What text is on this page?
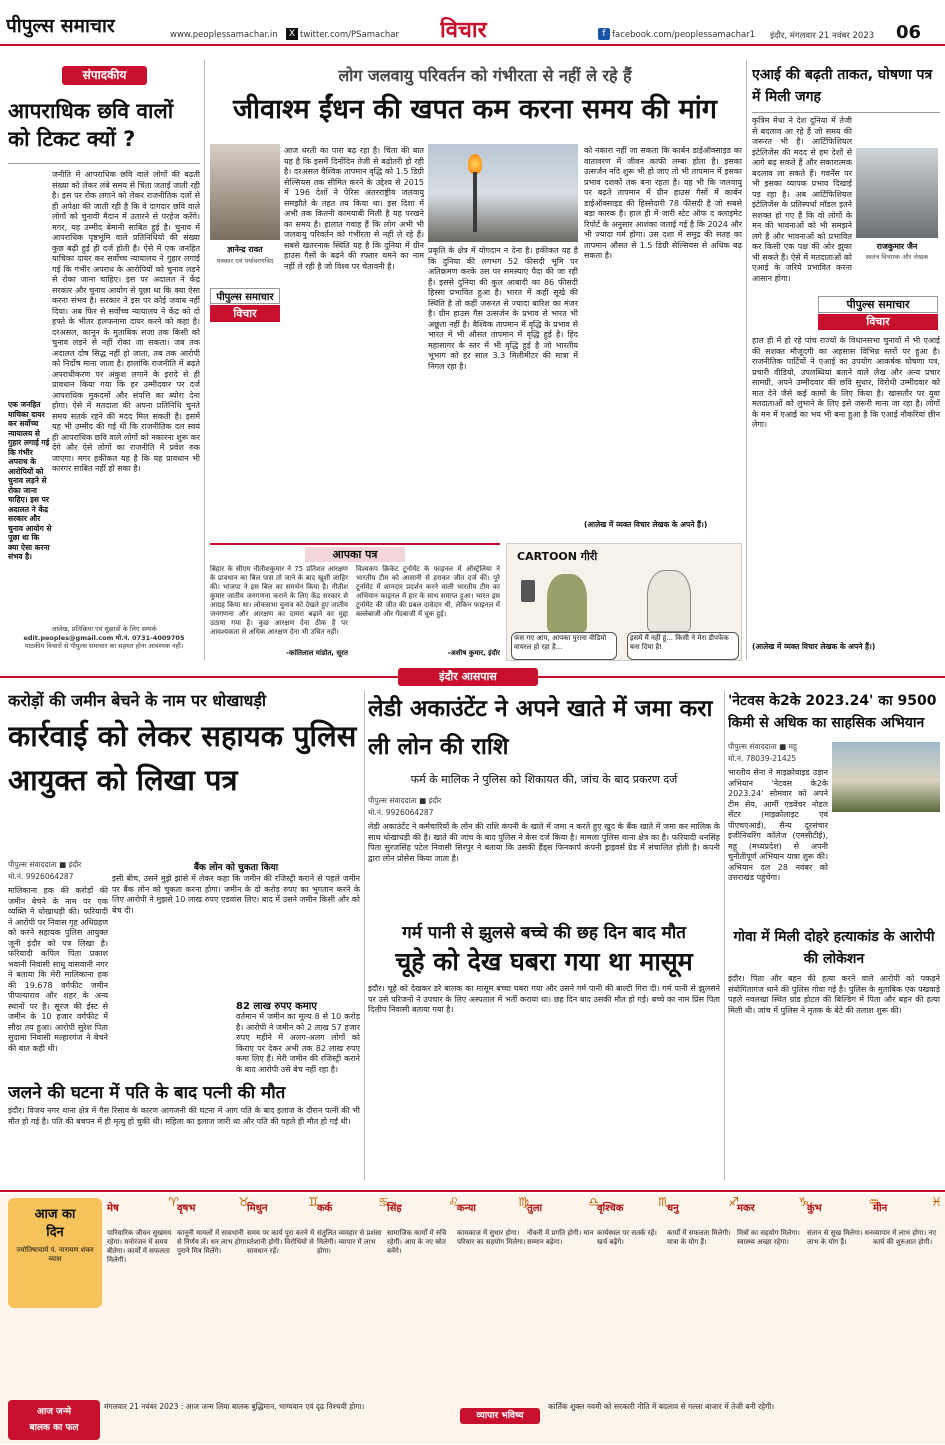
पीपुल्स समाचार	www.peoplessamachar.in	X twitter.com/PSamachar	विचार	f facebook.com/peoplessamachar1	इंदौर, मंगलवार 21 नवंबर 2023	06
संपादकीय
आपराधिक छवि वालों को टिकट क्यों ?
जनीति में आपराधिक छवि वाले लोगों की बढ़ती संख्या को लेकर लंबे समय से चिंता जताई जाती रही है। इस पर रोक लगाने को लेकर राजनीतिक दलों से ही अपेक्षा की जाती रही है कि वे दागदार छवि वाले लोगों को चुनावी मैदान में उतारने से परहेज करेंगे। मगर, यह उम्मीद बेमानी साबित हुई है। चुनाव में आपराधिक पृष्ठभूमि वाले प्रतिनिधियों की संख्या कुछ बढ़ी हुई ही दर्ज होती है। ऐसे में एक जनहित याचिका दायर कर सर्वोच्च न्यायालय ने गुहार लगाई गई कि गंभीर अपराध के आरोपियों को चुनाव लड़ने से रोका जाना चाहिए। इस पर अदालत ने केंद्र सरकार और चुनाव आयोग से पूछा था कि क्या ऐसा करना संभव है। सरकार ने इस पर कोई जवाब नहीं दिया। अब फिर से सर्वोच्च न्यायालय ने केंद्र को दो हफ्ते के भीतर हलफनामा दायर करने को कहा है। दरअसल, कानून के मुताबिक सजा तक किसी को चुनाव लड़ने से नहीं रोका जा सकता। जब तक अदालत दोष सिद्ध नहीं हो जाता, तब तक आरोपी को निर्दोष माना जाता है। हालांकि राजनीति में बढ़ते अपराधीकरण पर अंकुश लगाने के इरादे से ही प्रावधान किया गया कि हर उम्मीदवार पर दर्ज आपराधिक मुकदमों और संपत्ति का ब्योरा देना होगा। ऐसे में मतदाता की अपना प्रतिनिधि चुनते समय सतर्क रहने की मदद मिल सकती है। इसमें यह भी उम्मीद की गई थी कि राजनीतिक दल स्वयं ही आपराधिक छवि वाले लोगों को नकारना शुरू कर देंगे और ऐसे लोगों का राजनीति में प्रवेश रुक जाएगा। मगर हकीकत यह है कि यह प्रावधान भी कारगर साबित नहीं हो सका है।
एक जनहित याचिका दायर कर सर्वोच्च न्यायालय से गुहार लगाई गई कि गंभीर अपराध के आरोपियों को चुनाव लड़ने से रोका जाना चाहिए। इस पर अदालत ने केंद्र सरकार और चुनाव आयोग से पूछा था कि क्या ऐसा करना संभव है।
आलेख, प्रतिक्रिया एवं सुझावों के लिए सम्पर्क
edit.peoples@gmail.com मो.नं. 0731-4009705
पाठकीय विचारों से पीपुल्स समाचार का सहमत होना आवश्यक नहीं।
लोग जलवायु परिवर्तन को गंभीरता से नहीं ले रहे हैं
जीवाश्म ईंधन की खपत कम करना समय की मांग
ज्ञानेन्द्र रावत
पत्रकार एवं पर्यावरणविद
पीपुल्स समाचार
विचार
आज धरती का पारा बढ़ रहा है। चिंता की बात यह है कि इसमें दिनोंदिन तेजी से बढ़ोतरी हो रही है। दरअसल वैश्विक तापमान वृद्धि को 1.5 डिग्री सेल्सियस तक सीमित करने के उद्देश्य से 2015 में 196 देशों ने पेरिस अंतरराष्ट्रीय जलवायु समझौते के तहत तय किया था। इस दिशा में अभी तक कितनी कामयाबी मिली है यह परखने का समय है। हालात गवाह हैं कि लोग अभी भी जलवायु परिवर्तन को गंभीरता से नहीं ले रहे हैं। सबसे खतरनाक स्थिति यह है कि दुनिया में ग्रीन हाउस गैसों के बढ़ने की रफ्तार थमने का नाम नहीं ले रही है जो विश्व पर चेतावनी है।
प्रकृति के क्षेत्र में योगदान न देना है। हकीकत यह है कि दुनिया की लगभग 52 फीसदी भूमि पर अतिक्रमण करके उस पर समस्याएं पैदा की जा रही हैं। इससे दुनिया की कुल आबादी का 86 फीसदी हिस्सा प्रभावित हुआ है। भारत में कहीं सूखे की स्थिति है तो कहीं जरूरत से ज्यादा बारिश का मंजर है। ग्रीन हाउस गैस उत्सर्जन के प्रभाव से भारत भी अछूता नहीं है। वैश्विक तापमान में वृद्धि के प्रभाव से भारत में भी औसत तापमान में वृद्धि हुई है। हिंद महासागर के स्तर में भी वृद्धि हुई है जो भारतीय भूभाग को हर साल 3.3 मिलीमीटर की मात्रा में निगल रहा है।
को नकारा नहीं जा सकता कि कार्बन डाईऑक्साइड का वातावरण में जीवन काफी लम्बा होता है। इसका उत्सर्जन नदि शुरू भी हो जाए तो भी तापमान में इसका प्रभाव दशकों तक बना रहता है। यह भी कि जलवायु पर बढ़ते तापमान में ग्रीन हाउस गैसों में कार्बन डाईऑक्साइड की हिस्सेदारी 78 फीसदी है जो सबसे बड़ा कारक है। हाल ही में जारी स्टेट ऑफ द क्लाइमेट रिपोर्ट के अनुसार आशंका जताई गई है कि 2024 और भी ज्यादा गर्म होगा। उस दशा में समुद्र की सतह का तापमान औसत से 1.5 डिग्री सेल्सियस से अधिक बढ़ सकता है।
(आलेख में व्यक्त विचार लेखक के अपने हैं।)
एआई की बढ़ती ताकत, घोषणा पत्र में मिली जगह
कृत्रिम मेधा ने देश दुनिया में तेजी से बदलाव आ रहे हैं जो समय की जरूरत भी है। आर्टिफिशियल इंटेलिजेंस की मदद से हम देशों से आगे बढ़ सकते हैं और सकारात्मक बदलाव ला सकते हैं। गवर्नेंस पर भी इसका व्यापक प्रभाव दिखाई पड़ रहा है। अब आर्टिफिशियल इंटेलिजेंस के प्रतिस्पर्धा मॉडल इतने सशक्त हो गए हैं कि वो लोगों के मन की भावनाओं को भी समझने लगे हैं और भावनाओं को प्रभावित कर किसी एक पक्ष की ओर झुका भी सकते हैं। ऐसे में मतदाताओं को एआई के जरिये प्रभावित करना आसान होगा।
राजकुमार जैन
स्वतंत्र विचारक और लेखक
पीपुल्स समाचार
विचार
हाल ही में हो रहे पांच राज्यों के विधानसभा चुनावों में भी एआई की सशक्त मौजूदगी का अहसास विभिन्न स्तरों पर हुआ है। राजनीतिक पार्टियों ने एआई का उपयोग आकर्षक घोषणा पत्र, प्रचारी वीडियो, उपलब्धियां बताने वाले लेख और अन्य प्रचार सामग्री, अपने उम्मीदवार की छवि सुधार, विरोधी उम्मीदवार को मात देने जैसे कई कामों के लिए किया है। खासतौर पर युवा मतदाताओं को लुभाने के लिए इसे जरूरी माना जा रहा है। लोगों के मन में एआई का भय भी बना हुआ है कि एआई नौकरियां छीन लेगा।
(आलेख में व्यक्त विचार लेखक के अपने हैं।)
आपका पत्र
बिहार के सीएम नीतीशकुमार ने 75 प्रतिशत आरक्षण के प्रावधान का बिल पास तो जाने के बाद खुशी जाहिर की। भाजपा ने इस बिल का समर्थन किया है। नीतीश कुमार जातीय जनगणना कराने के लिए केंद्र सरकार से आग्रह किया था। लोकसभा चुनाव को देखते हुए जातीय जनगणना और आरक्षण का दायरा बढ़ाने का मुद्दा उठाया गया है। कुछ आरक्षण देना ठीक है पर आवश्यकता से अधिक आरक्षण देना भी उचित नहीं।
-कांतिलाल मांडोत, सूरत
विश्वकप क्रिकेट टूर्नामेंट के फाइनल में ऑस्ट्रेलिया ने भारतीय टीम को आसानी से हराकर जीत दर्ज की। पूरे टूर्नामेंट में शानदार प्रदर्शन करने वाली भारतीय टीम का अभियान फाइनल में हार के साथ समाप्त हुआ। भारत इस टूर्नामेंट की जीत की प्रबल दावेदार थी, लेकिन फाइनल में बल्लेबाजी और गेंदबाजी में चूक हुई।
-अशीष कुमार, इंदौर
CARTOON गीरी
फंस गए आप, आपका पुराना वीडियो वायरल हो रहा है...
इसमें मैं नहीं हूं... किसी ने मेरा डीपफेक बना दिया है!
इंदौर आसपास
करोड़ों की जमीन बेचने के नाम पर धोखाधड़ी
कार्रवाई को लेकर सहायक पुलिस आयुक्त को लिखा पत्र
पीपुल्स संवाददाता ■ इंदौर
मो.नं. 9926064287
मालिकाना हक की करोड़ों की जमीन बेचने के नाम पर एक व्यक्ति ने धोखाधड़ी की। फरियादी ने आरोपी पर निवास गृह अधिग्रहण को करने सहायक पुलिस आयुक्त जूनी इंदौर को पत्र लिखा है। फरियादी कपिल पिता प्रकाश भवानी निवासी साधु वासवानी नगर ने बताया कि मेरी मालिकाना हक की 19.678 वर्गफीट जमीन पीपल्याराव और शहर के अन्य स्थानों पर है। सूरज की ईस्ट से जमीन के 10 हजार वर्गफीट में सौदा तय हुआ। आरोपी सुरेश पिता सुदामा निवासी मल्हारगंज ने बेचने की बात कही थी।
बैंक लोन को चुकता किया
इसी बीच, उसने मुझे झांसे में लेकर कहा कि जमीन की रजिस्ट्री कराने से पहले जमीन पर बैंक लोन को चुकता करना होगा। जमीन के दो करोड़ रुपए का भुगतान करने के लिए आरोपी ने मुझसे 10 लाख रुपए एडवांस लिए। बाद में उसने जमीन किसी और को बेच दी।
82 लाख रुपए कमाए
वर्तमान में जमीन का मूल्य 8 से 10 करोड़ है। आरोपी ने जमीन को 2 लाख 57 हजार रुपए महीने में अलग-अलग लोगों को किराए पर देकर अभी तक 82 लाख रुपए कमा लिए हैं। मेरी जमीन की रजिस्ट्री कराने के बाद आरोपी उसे बेच नहीं रहा है।
लेडी अकाउंटेंट ने अपने खाते में जमा करा ली लोन की राशि
फर्म के मालिक ने पुलिस को शिकायत की, जांच के बाद प्रकरण दर्ज
पीपुल्स संवाददाता ■ इंदौर
मो.नं. 9926064287
लेडी अकाउंटेंट ने कर्मचारियों के लोन की राशि कंपनी के खाते में जमा न करते हुए खुद के बैंक खाते में जमा कर मालिक के साथ धोखाधड़ी की है। खाते की जांच के बाद पुलिस ने केस दर्ज किया है। मामला पुलिस थाना क्षेत्र का है। फरियादी धनसिंह पिता सुरजसिंह पटेल निवासी सिरपुर ने बताया कि उसकी हैंड्स फिनकार्प कंपनी ड्राइवर्स ग्रेड में संचालित होती है। कंपनी द्वारा लोन प्रोसेस किया जाता है।
गर्म पानी से झुलसे बच्चे की छह दिन बाद मौत
चूहे को देख घबरा गया था मासूम
इंदौर। चूहे को देखकर डरे बालक का मासूम बच्चा घबरा गया और उसने गर्म पानी की बाल्टी गिरा दी। गर्म पानी से झुलसने पर उसे परिजनों ने उपचार के लिए अस्पताल में भर्ती कराया था। छह दिन बाद उसकी मौत हो गई। बच्चे का नाम प्रिंस पिता दिलीप निवासी बताया गया है।
'नेटवस के2के 2023.24' का 9500 किमी से अधिक का साहसिक अभियान
पीपुल्स संवाददाता ■ महू
मो.नं. 78039-21425
भारतीय सेना ने माइक्रोवाइड उड़ान अभियान 'नेटवस के2के 2023.24' सोमवार को अपने टीम सेय, आर्मी एडवेंचर नोडल सेंटर (माइक्रोलाइट एवं पीएचएआई), सैन्य दूरसंचार इंजीनियरिंग कॉलेज (एमसीटीई), महू (मध्यप्रदेश) से अपनी चुनौतीपूर्ण अभियान यात्रा शुरू की। अभियान दल 28 नवंबर को उत्तराखंड पहुंचेगा।
गोवा में मिली दोहरे हत्याकांड के आरोपी की लोकेशन
इंदौर। पिता और बहन की हत्या करने वाले आरोपी को पकड़ने संयोगितागंज थाने की पुलिस गोवा गई है। पुलिस के मुताबिक एक पखवाड़े पहले नवलखा स्थित ग्रांड होटल की बिल्डिंग में पिता और बहन की हत्या मिली थी। जांच में पुलिस ने मृतक के बेटे की तलाश शुरू की।
जलने की घटना में पति के बाद पत्नी की मौत
इंदौर। विजय नगर थाना क्षेत्र में गैस रिसाव के कारण आगजनी की घटना में आग पति के बाद इलाज के दौरान पत्नी की भी मौत हो गई है। पति की बचपन में ही मृत्यु हो चुकी थी। महिला का इलाज जारी था और पति की पहले ही मौत हो गई थी।
आज का
दिन
ज्योतिषाचार्य पं. नारायण शंकर व्यास
मेष	♈
पारिवारिक जीवन सुखमय रहेगा। मनोरंजन में समय बीतेगा। कार्यों में सफलता मिलेगी।
वृषभ	♉
कानूनी मामलों में सावधानी से निर्णय लें। धन लाभ होगा। पुराने मित्र मिलेंगे।
मिथुन	♊
समय पर कार्य पूरा करने में परेशानी होगी। विरोधियों से सावधान रहें।
कर्क	♋
संतुलित व्यवहार से प्रशंसा मिलेगी। व्यापार में लाभ होगा।
सिंह	♌
सामाजिक कार्यों में रुचि रहेगी। आय के नए स्रोत बनेंगे।
कन्या	♍
कामकाज में सुधार होगा। परिवार का सहयोग मिलेगा।
तुला	♎
नौकरी में प्रगति होगी। मान सम्मान बढ़ेगा।
वृश्चिक	♏
कार्यस्थल पर सतर्क रहें। खर्च बढ़ेंगे।
धनु	♐
कार्यों में सफलता मिलेगी। यात्रा के योग हैं।
मकर	♑
मित्रों का सहयोग मिलेगा। स्वास्थ्य अच्छा रहेगा।
कुंभ	♒
संतान से सुख मिलेगा। धन लाभ के योग हैं।
मीन	♓
व्यापार में लाभ होगा। नए कार्य की शुरुआत होगी।
आज जन्मे
बालक का फल
मंगलवार 21 नवंबर 2023 : आज जन्म लिया बालक बुद्धिमान, भाग्यवान एवं दृढ़ निश्चयी होगा।
व्यापार भविष्य
कार्तिक शुक्ल नवमी को सरकारी नीति में बदलाव से गल्ला बाजार में तेजी बनी रहेगी।
